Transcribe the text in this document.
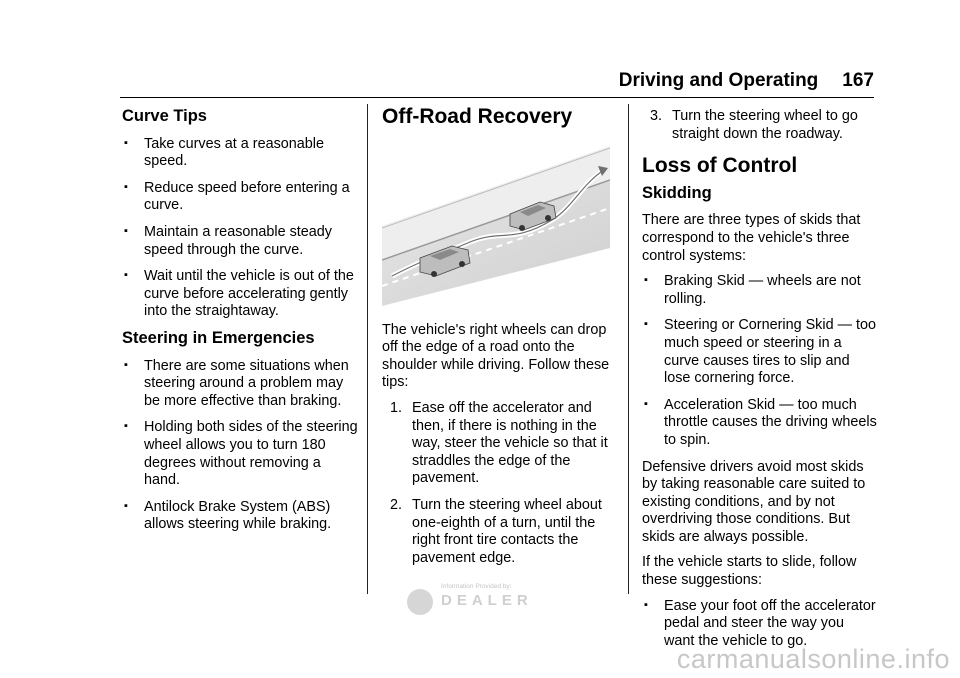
Driving and Operating 167
Curve Tips
▪ Take curves at a reasonable speed.
▪ Reduce speed before entering a curve.
▪ Maintain a reasonable steady speed through the curve.
▪ Wait until the vehicle is out of the curve before accelerating gently into the straightaway.
Steering in Emergencies
▪ There are some situations when steering around a problem may be more effective than braking.
▪ Holding both sides of the steering wheel allows you to turn 180 degrees without removing a hand.
▪ Antilock Brake System (ABS) allows steering while braking.
Off-Road Recovery

The vehicle's right wheels can drop off the edge of a road onto the shoulder while driving. Follow these tips:

1. Ease off the accelerator and then, if there is nothing in the way, steer the vehicle so that it straddles the edge of the pavement.
2. Turn the steering wheel about one-eighth of a turn, until the right front tire contacts the pavement edge.
3. Turn the steering wheel to go straight down the roadway.
Loss of Control
Skidding

There are three types of skids that correspond to the vehicle's three control systems:

▪ Braking Skid — wheels are not rolling.
▪ Steering or Cornering Skid — too much speed or steering in a curve causes tires to slip and lose cornering force.
▪ Acceleration Skid — too much throttle causes the driving wheels to spin.

Defensive drivers avoid most skids by taking reasonable care suited to existing conditions, and by not overdriving those conditions. But skids are always possible.

If the vehicle starts to slide, follow these suggestions:

▪ Ease your foot off the accelerator pedal and steer the way you want the vehicle to go.
Information Provided by:
DEALER
carmanualsonline.info
